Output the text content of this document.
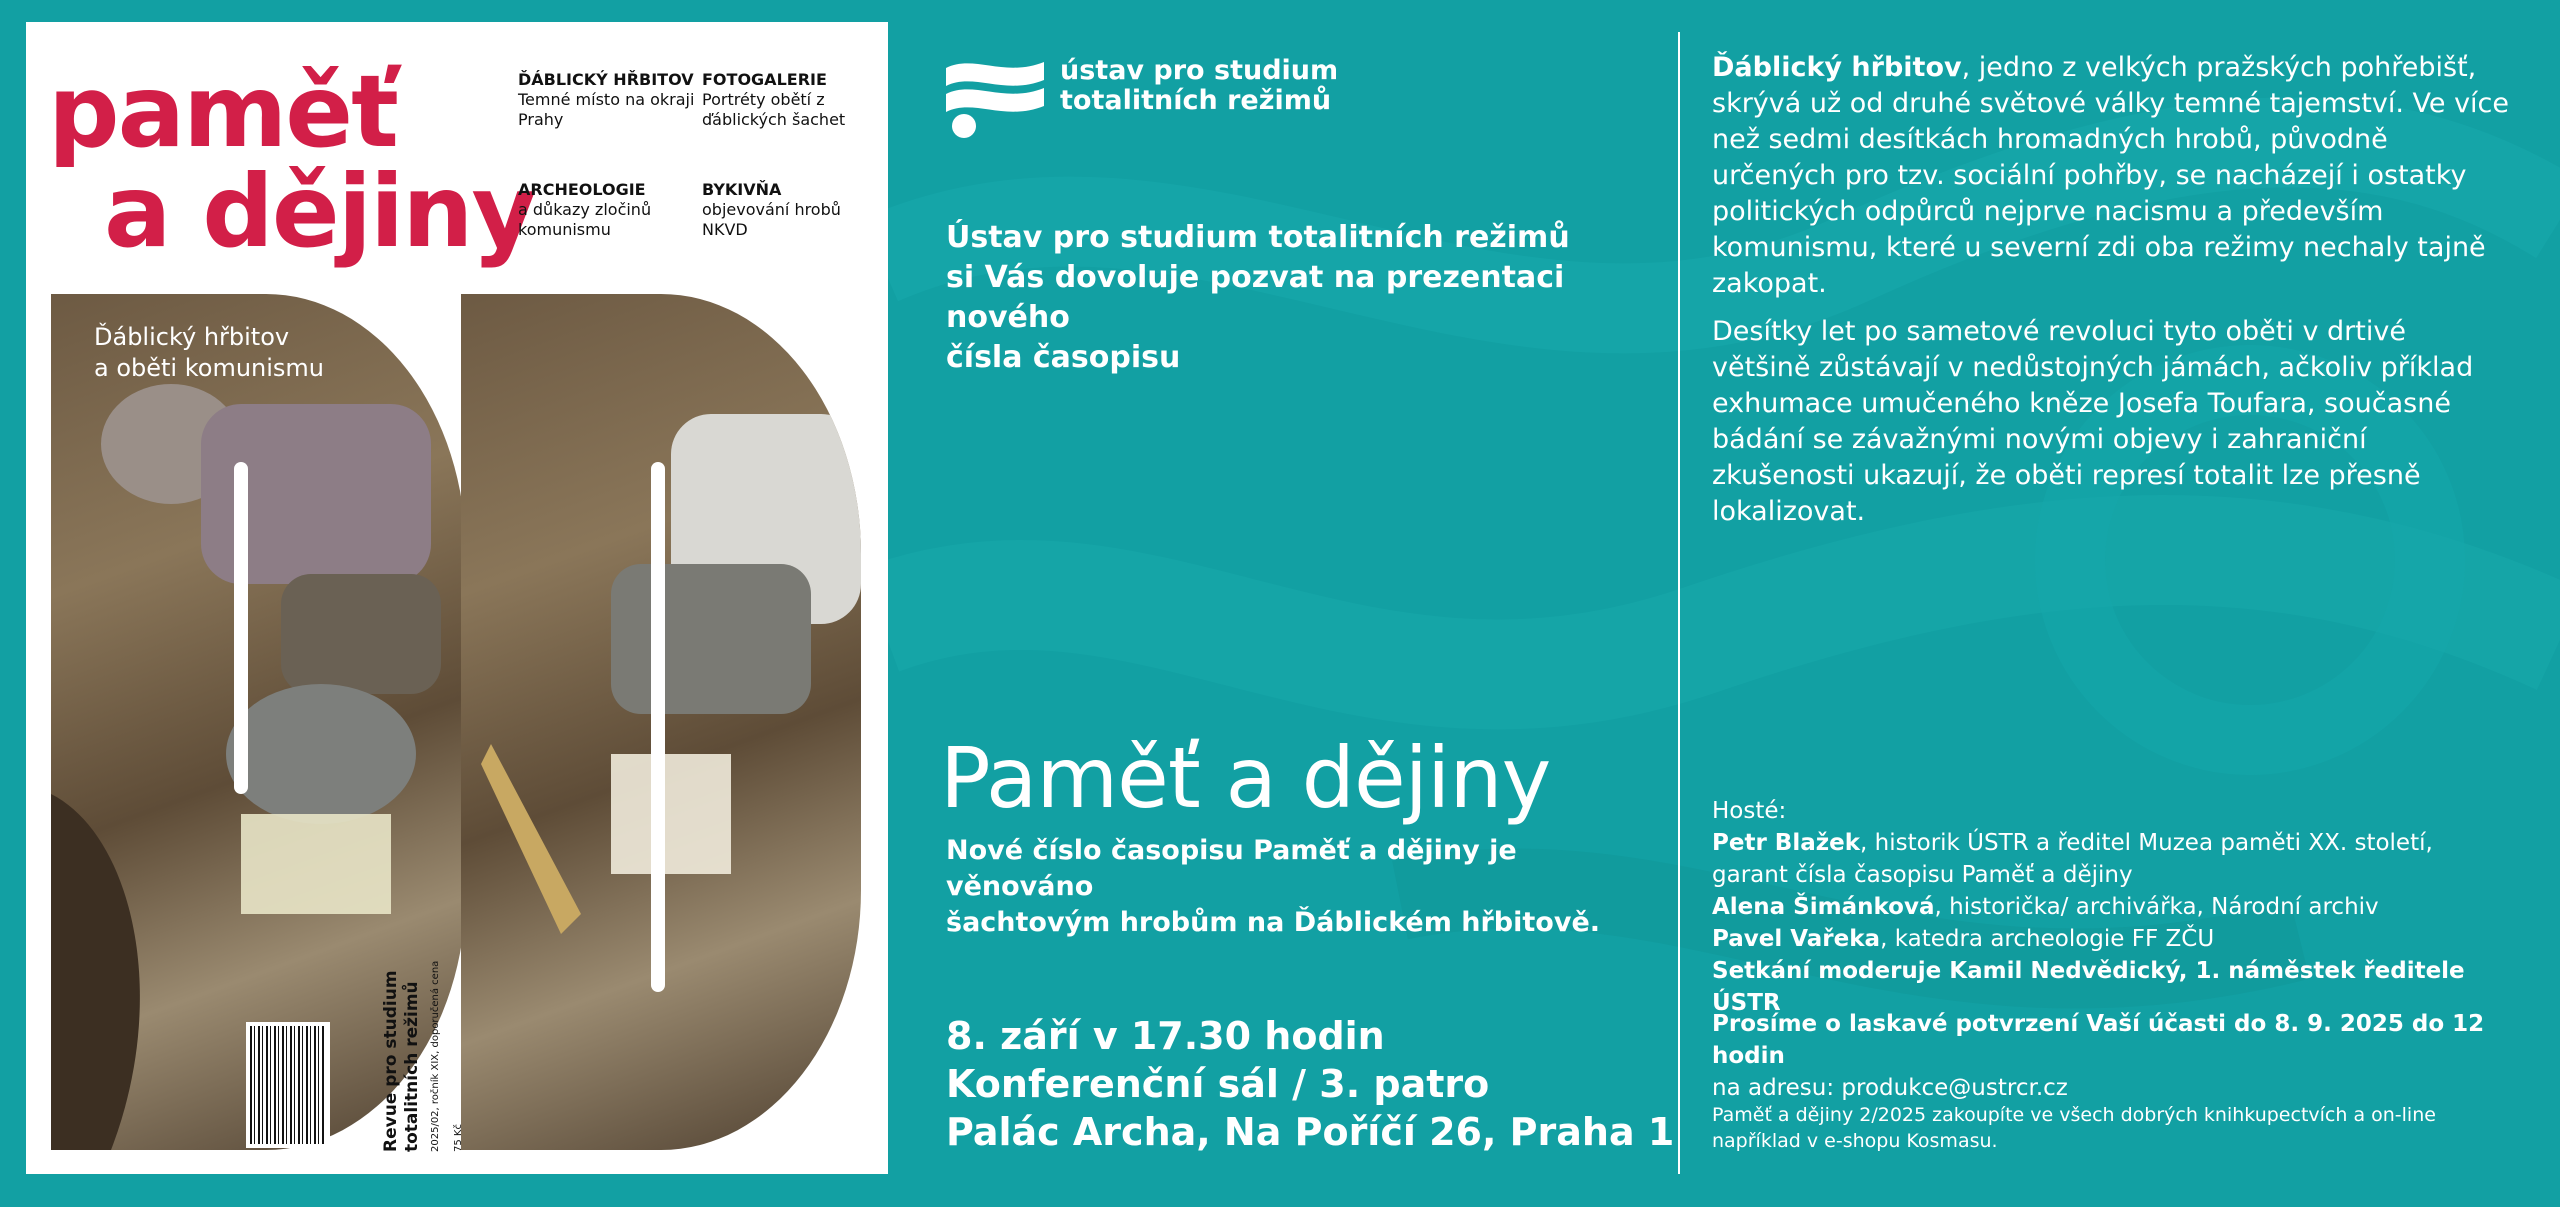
paměť
a dějiny
ĎÁBLICKÝ HŘBITOV
Temné místo na okraji Prahy
FOTOGALERIE
Portréty obětí z ďáblických šachet
ARCHEOLOGIE
a důkazy zločinů komunismu
BYKIVŇA
objevování hrobů NKVD
Ďáblický hřbitov
a oběti komunismu
Revue pro studium
totalitních režimů 2025/02, ročník XIX, doporučená cena 75 Kč
ústav pro studium
totalitních režimů
Ústav pro studium totalitních režimů
si Vás dovoluje pozvat na prezentaci nového
čísla časopisu
Paměť a dějiny
Nové číslo časopisu Paměť a dějiny je věnováno
šachtovým hrobům na Ďáblickém hřbitově.
8. září v 17.30 hodin
Konferenční sál / 3. patro
Palác Archa, Na Poříčí 26, Praha 1

Ďáblický hřbitov, jedno z velkých pražských pohřebišť, skrývá už od druhé světové války temné tajemství. Ve více než sedmi desítkách hromadných hrobů, původně určených pro tzv. sociální pohřby, se nacházejí i ostatky politických odpůrců nejprve nacismu a především komunismu, které u severní zdi oba režimy nechaly tajně zakopat.

Desítky let po sametové revoluci tyto oběti v drtivé většině zůstávají v nedůstojných jámách, ačkoliv příklad exhumace umučeného kněze Josefa Toufara, současné bádání se závažnými novými objevy i zahraniční zkušenosti ukazují, že oběti represí totalit lze přesně lokalizovat.

Hosté:
Petr Blažek, historik ÚSTR a ředitel Muzea paměti XX. století,
garant čísla časopisu Paměť a dějiny
Alena Šimánková, historička/ archivářka, Národní archiv
Pavel Vařeka, katedra archeologie FF ZČU
Setkání moderuje Kamil Nedvědický, 1. náměstek ředitele ÚSTR
Prosíme o laskavé potvrzení Vaší účasti do 8. 9. 2025 do 12 hodin
na adresu: produkce@ustrcr.cz
Paměť a dějiny 2/2025 zakoupíte ve všech dobrých knihkupectvích a on-line
například v e-shopu Kosmasu.
